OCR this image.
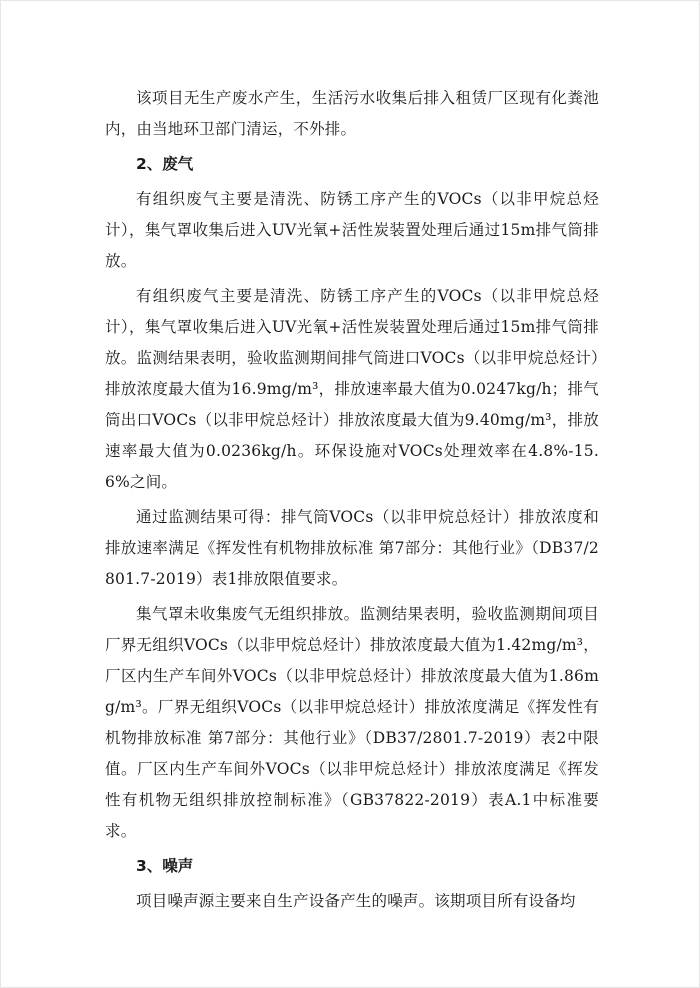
该项目无生产废水产生，生活污水收集后排入租赁厂区现有化粪池内，由当地环卫部门清运，不外排。

2、废气

有组织废气主要是清洗、防锈工序产生的VOCs（以非甲烷总烃计），集气罩收集后进入UV光氧+活性炭装置处理后通过15m排气筒排放。

有组织废气主要是清洗、防锈工序产生的VOCs（以非甲烷总烃计），集气罩收集后进入UV光氧+活性炭装置处理后通过15m排气筒排放。监测结果表明，验收监测期间排气筒进口VOCs（以非甲烷总烃计）排放浓度最大值为16.9mg/m³，排放速率最大值为0.0247kg/h；排气筒出口VOCs（以非甲烷总烃计）排放浓度最大值为9.40mg/m³，排放速率最大值为0.0236kg/h。环保设施对VOCs处理效率在4.8%-15.6%之间。

通过监测结果可得：排气筒VOCs（以非甲烷总烃计）排放浓度和排放速率满足《挥发性有机物排放标准 第7部分：其他行业》（DB37/2801.7-2019）表1排放限值要求。

集气罩未收集废气无组织排放。监测结果表明，验收监测期间项目厂界无组织VOCs（以非甲烷总烃计）排放浓度最大值为1.42mg/m³，厂区内生产车间外VOCs（以非甲烷总烃计）排放浓度最大值为1.86mg/m³。厂界无组织VOCs（以非甲烷总烃计）排放浓度满足《挥发性有机物排放标准 第7部分：其他行业》（DB37/2801.7-2019）表2中限值。厂区内生产车间外VOCs（以非甲烷总烃计）排放浓度满足《挥发性有机物无组织排放控制标准》（GB37822-2019）表A.1中标准要求。

3、噪声

项目噪声源主要来自生产设备产生的噪声。该期项目所有设备均
